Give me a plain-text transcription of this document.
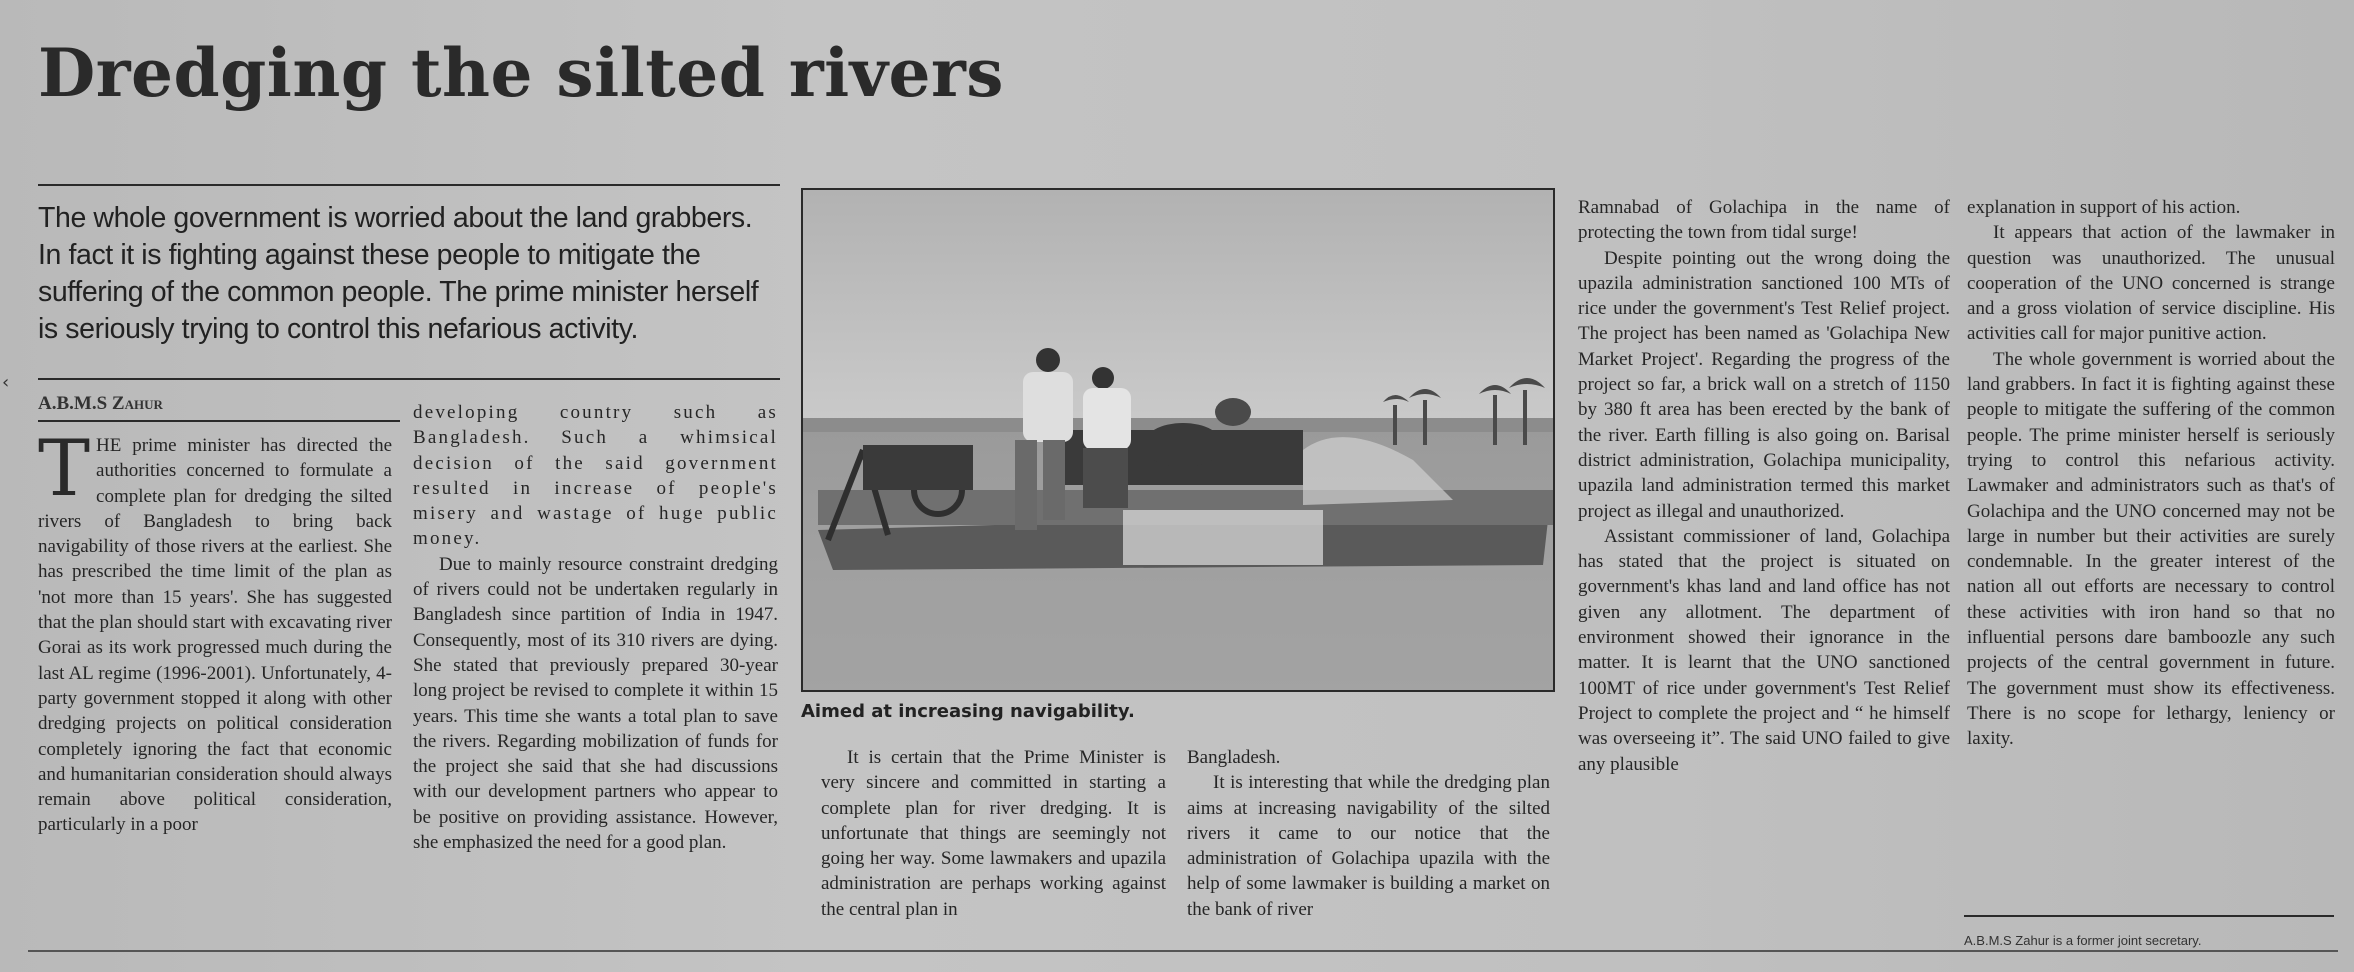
Dredging the silted rivers
‹

The whole government is worried about the land grabbers. In fact it is fighting against these people to mitigate the suffering of the common people. The prime minister herself is seriously trying to control this nefarious activity.

A.B.M.S Zahur

THE prime minister has directed the authorities concerned to formulate a complete plan for dredging the silted rivers of Bangladesh to bring back navigability of those rivers at the earliest. She has prescribed the time limit of the plan as 'not more than 15 years'. She has suggested that the plan should start with excavating river Gorai as its work progressed much during the last AL regime (1996-2001). Unfortunately, 4-party government stopped it along with other dredging projects on political consideration completely ignoring the fact that economic and humanitarian consideration should always remain above political consideration, particularly in a poor

developing country such as Bangladesh. Such a whimsical decision of the said government resulted in increase of people's misery and wastage of huge public money.

Due to mainly resource constraint dredging of rivers could not be undertaken regularly in Bangladesh since partition of India in 1947. Consequently, most of its 310 rivers are dying. She stated that previously prepared 30-year long project be revised to complete it within 15 years. This time she wants a total plan to save the rivers. Regarding mobilization of funds for the project she said that she had discussions with our development partners who appear to be positive on providing assistance. However, she emphasized the need for a good plan.

Aimed at increasing navigability.

It is certain that the Prime Minister is very sincere and committed in starting a complete plan for river dredging. It is unfortunate that things are seemingly not going her way. Some lawmakers and upazila administration are perhaps working against the central plan in

Bangladesh.

It is interesting that while the dredging plan aims at increasing navigability of the silted rivers it came to our notice that the administration of Golachipa upazila with the help of some lawmaker is building a market on the bank of river

Ramnabad of Golachipa in the name of protecting the town from tidal surge!

Despite pointing out the wrong doing the upazila administration sanctioned 100 MTs of rice under the government's Test Relief project. The project has been named as 'Golachipa New Market Project'. Regarding the progress of the project so far, a brick wall on a stretch of 1150 by 380 ft area has been erected by the bank of the river. Earth filling is also going on. Barisal district administration, Golachipa municipality, upazila land administration termed this market project as illegal and unauthorized.

Assistant commissioner of land, Golachipa has stated that the project is situated on government's khas land and land office has not given any allotment. The department of environment showed their ignorance in the matter. It is learnt that the UNO sanctioned 100MT of rice under government's Test Relief Project to complete the project and “ he himself was overseeing it”. The said UNO failed to give any plausible

explanation in support of his action.

It appears that action of the lawmaker in question was unauthorized. The unusual cooperation of the UNO concerned is strange and a gross violation of service discipline. His activities call for major punitive action.

The whole government is worried about the land grabbers. In fact it is fighting against these people to mitigate the suffering of the common people. The prime minister herself is seriously trying to control this nefarious activity. Lawmaker and administrators such as that's of Golachipa and the UNO concerned may not be large in number but their activities are surely condemnable. In the greater interest of the nation all out efforts are necessary to control these activities with iron hand so that no influential persons dare bamboozle any such projects of the central government in future. The government must show its effectiveness. There is no scope for lethargy, leniency or laxity.

A.B.M.S Zahur is a former joint secretary.
